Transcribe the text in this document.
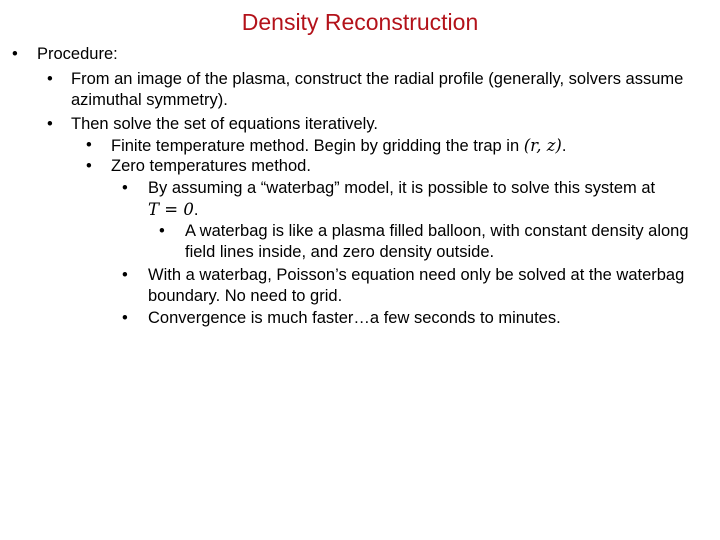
Density Reconstruction
• Procedure:
• From an image of the plasma, construct the radial profile (generally, solvers assume
azimuthal symmetry).
• Then solve the set of equations iteratively.
• Finite temperature method. Begin by gridding the trap in (r, z).
• Zero temperatures method.
• By assuming a “waterbag” model, it is possible to solve this system at
T = 0.
• A waterbag is like a plasma filled balloon, with constant density along
field lines inside, and zero density outside.
• With a waterbag, Poisson’s equation need only be solved at the waterbag
boundary. No need to grid.
• Convergence is much faster…a few seconds to minutes.
